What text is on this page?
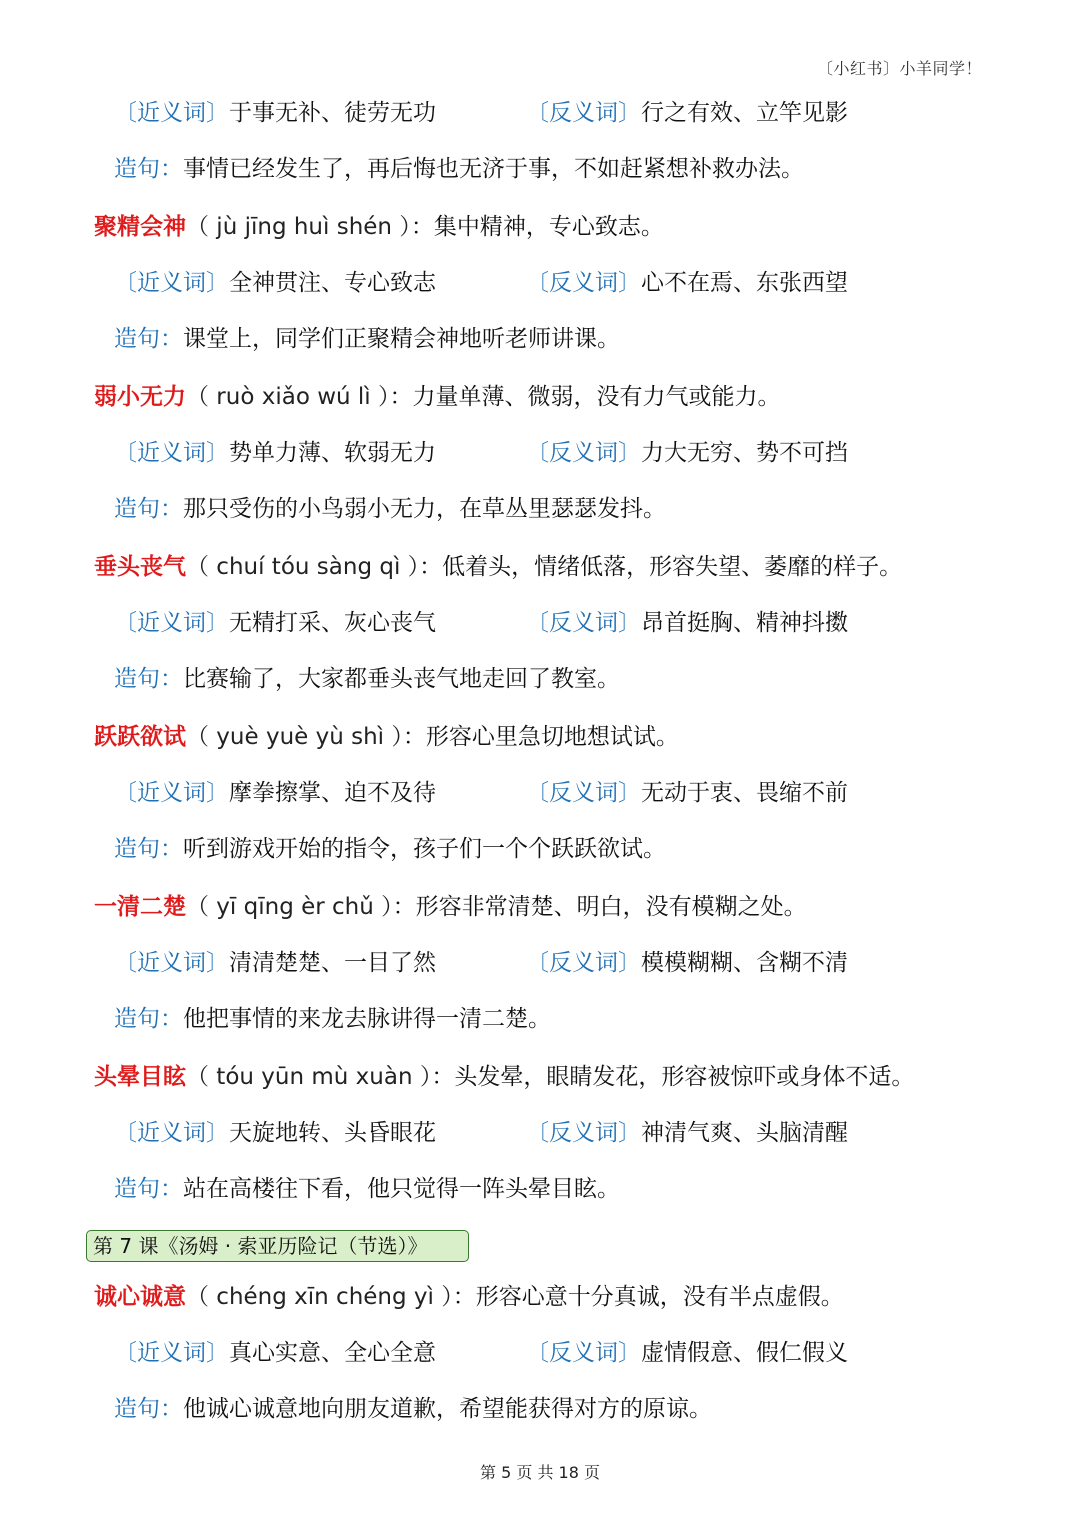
〔小红书〕小羊同学！
〔近义词〕于事无补、徒劳无功	〔反义词〕行之有效、立竿见影
造句：事情已经发生了，再后悔也无济于事，不如赶紧想补救办法。
聚精会神（ jù jīng huì shén ）：集中精神，专心致志。
〔近义词〕全神贯注、专心致志	〔反义词〕心不在焉、东张西望
造句：课堂上，同学们正聚精会神地听老师讲课。
弱小无力（ ruò xiǎo wú lì ）：力量单薄、微弱，没有力气或能力。
〔近义词〕势单力薄、软弱无力	〔反义词〕力大无穷、势不可挡
造句：那只受伤的小鸟弱小无力，在草丛里瑟瑟发抖。
垂头丧气（ chuí tóu sàng qì ）：低着头，情绪低落，形容失望、萎靡的样子。
〔近义词〕无精打采、灰心丧气	〔反义词〕昂首挺胸、精神抖擞
造句：比赛输了，大家都垂头丧气地走回了教室。
跃跃欲试（ yuè yuè yù shì ）：形容心里急切地想试试。
〔近义词〕摩拳擦掌、迫不及待	〔反义词〕无动于衷、畏缩不前
造句：听到游戏开始的指令，孩子们一个个跃跃欲试。
一清二楚（ yī qīng èr chǔ ）：形容非常清楚、明白，没有模糊之处。
〔近义词〕清清楚楚、一目了然	〔反义词〕模模糊糊、含糊不清
造句：他把事情的来龙去脉讲得一清二楚。
头晕目眩（ tóu yūn mù xuàn ）：头发晕，眼睛发花，形容被惊吓或身体不适。
〔近义词〕天旋地转、头昏眼花	〔反义词〕神清气爽、头脑清醒
造句：站在高楼往下看，他只觉得一阵头晕目眩。
第 7 课《汤姆 · 索亚历险记（节选）》
诚心诚意（ chéng xīn chéng yì ）：形容心意十分真诚，没有半点虚假。
〔近义词〕真心实意、全心全意	〔反义词〕虚情假意、假仁假义
造句：他诚心诚意地向朋友道歉，希望能获得对方的原谅。
第 5 页 共 18 页
